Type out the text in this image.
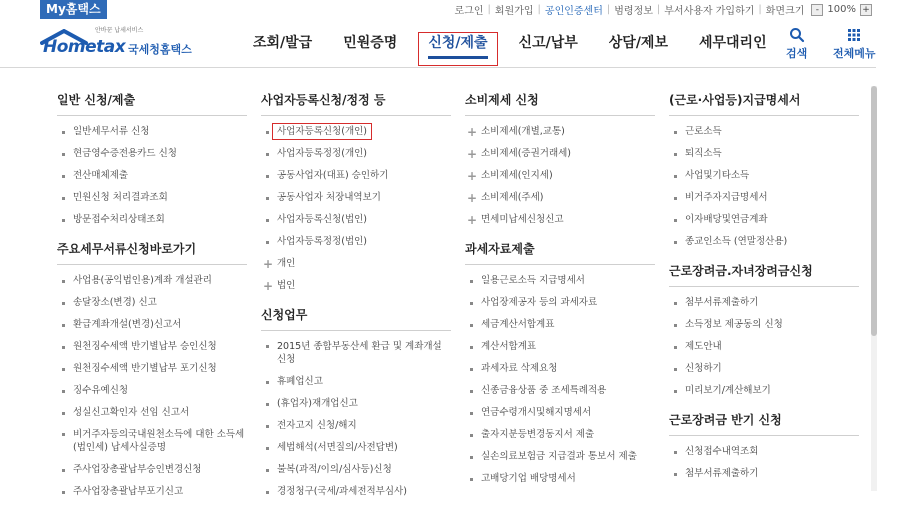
My홈택스	로그인 | 회원가입 | 공인인증센터 | 범령정보 | 부서사용자 가입하기 | 화면크기	- 100% +
안바꾼 납세서비스
Hometax 국세청홈택스	조회/발급	민원증명	신청/제출	신고/납부	상담/제보	세무대리인
검색 전체메뉴
일반 신청/제출
일반세무서류 신청
현금영수증전용카드 신청
전산매체제출
민원신청 처리결과조회
방문접수처리상태조회
주요세무서류신청바로가기
사업용(공익법인용)계좌 개설관리
송달장소(변경) 신고
환급계좌개설(변경)신고서
원천징수세액 반기별납부 승인신청
원천징수세액 반기별납부 포기신청
징수유예신청
성실신고확인자 선임 신고서
비거주자등의국내원천소득에 대한 소득세(법인세) 납세사실증명
주사업장총괄납부승인변경신청
주사업장총괄납부포기신고
사업자등록신청/정정 등
사업자등록신청(개인)
사업자등록정정(개인)
공동사업자(대표) 승인하기
공동사업자 처장내역보기
사업자등록신청(법인)
사업자등록정정(법인)
+ 개인
+ 법인
신청업무
2015년 종합부동산세 환급 및 계좌개설 신청
휴폐업신고
(휴업자)재개업신고
전자고지 신청/해지
세법해석(서면질의/사전답변)
불복(과적/이의/심사등)신청
경정청구(국세/과세전적부심사)
소비제세 신청
+ 소비제세(개별,교통)
+ 소비제세(증권거래세)
+ 소비제세(인지세)
+ 소비제세(주세)
+ 면세미납세신청신고
과세자료제출
일용근로소득 지급명세서
사업장제공자 등의 과세자료
세금계산서합계표
계산서합계표
과세자료 삭제요청
신종금융상품 중 조세특례적용
연금수령개시및해지명세서
출자지분등변경동지서 제출
실손의료보험금 지급결과 통보서 제출
고배당기업 배당명세서
(근로·사업등)지급명세서
근로소득
퇴직소득
사업및기타소득
비거주자지급명세서
이자배당및연금계좌
종교인소득 (연말정산용)
근로장려금.자녀장려금신청
첨부서류제출하기
소득정보 제공동의 신청
제도안내
신청하기
미리보기/계산해보기
근로장려금 반기 신청
신청접수내역조회
첨부서류제출하기
